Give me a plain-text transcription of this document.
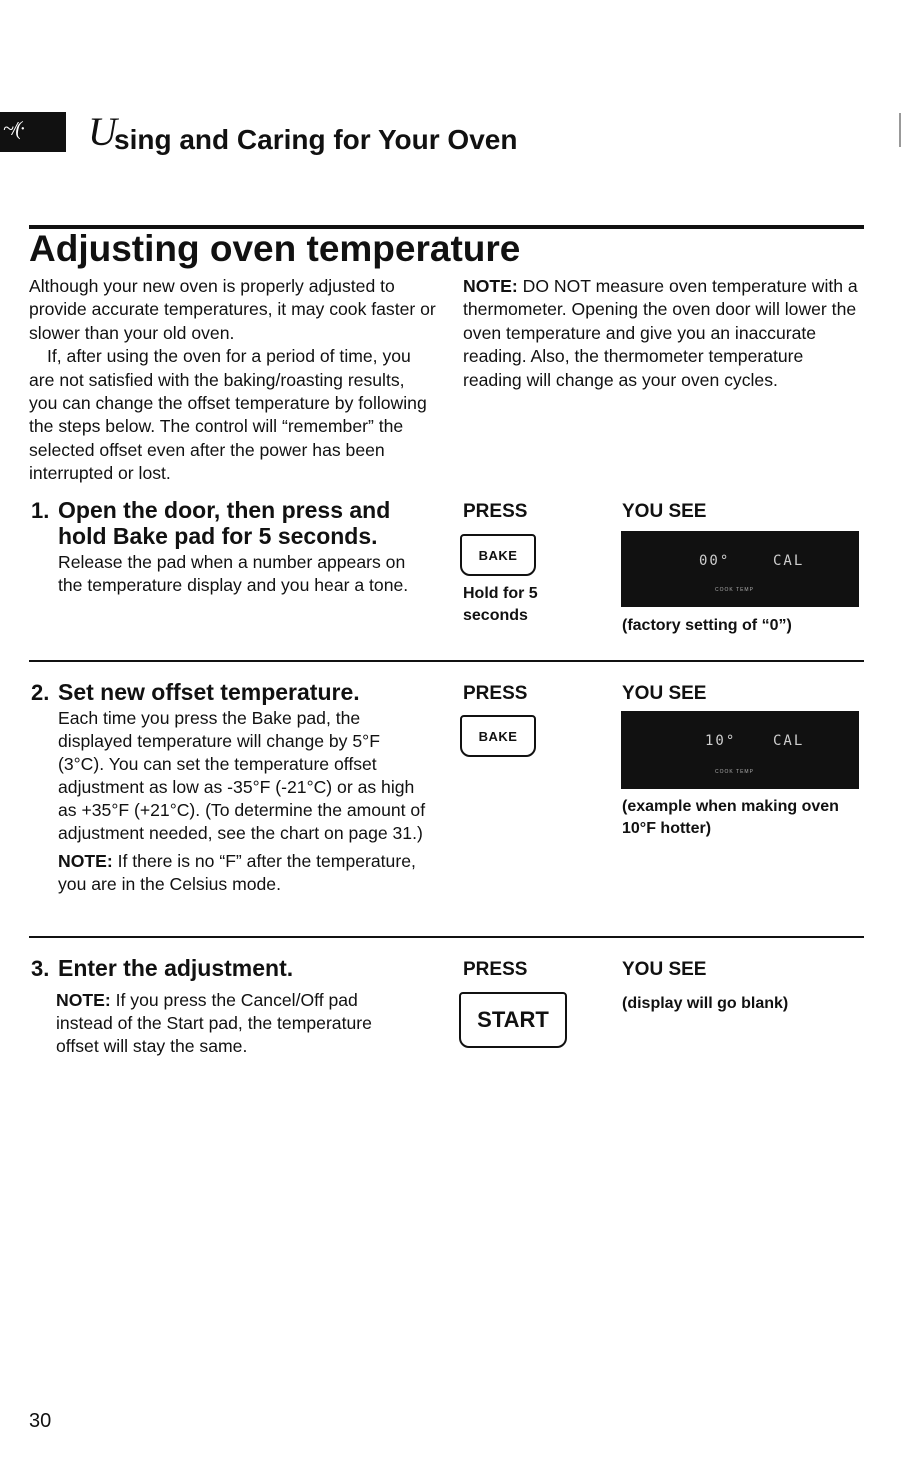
~/(· U
sing and Caring for Your Oven
Adjusting oven temperature

Although your new oven is properly adjusted to provide accurate temperatures, it may cook faster or slower than your old oven.

If, after using the oven for a period of time, you are not satisfied with the baking/roasting results, you can change the offset temperature by following the steps below. The control will “remember” the selected offset even after the power has been interrupted or lost.

NOTE: DO NOT measure oven temperature with a thermometer. Opening the oven door will lower the oven temperature and give you an inaccurate reading. Also, the thermometer temperature reading will change as your oven cycles.
1. Open the door, then press and hold Bake pad for 5 seconds.
Release the pad when a number appears on the temperature display and you hear a tone.
PRESS
BAKE
Hold for 5 seconds
YOU SEE
00°	CAL
COOK TEMP
(factory setting of “0”)
2. Set new offset temperature.

Each time you press the Bake pad, the displayed temperature will change by 5°F (3°C). You can set the temperature offset adjustment as low as -35°F (-21°C) or as high as +35°F (+21°C). (To determine the amount of adjustment needed, see the chart on page 31.)

NOTE: If there is no “F” after the temperature, you are in the Celsius mode.

PRESS
BAKE
YOU SEE
10°	CAL
COOK TEMP
(example when making oven 10°F hotter)
3. Enter the adjustment.

NOTE: If you press the Cancel/Off pad instead of the Start pad, the temperature offset will stay the same.

PRESS
START
YOU SEE
(display will go blank)
30
